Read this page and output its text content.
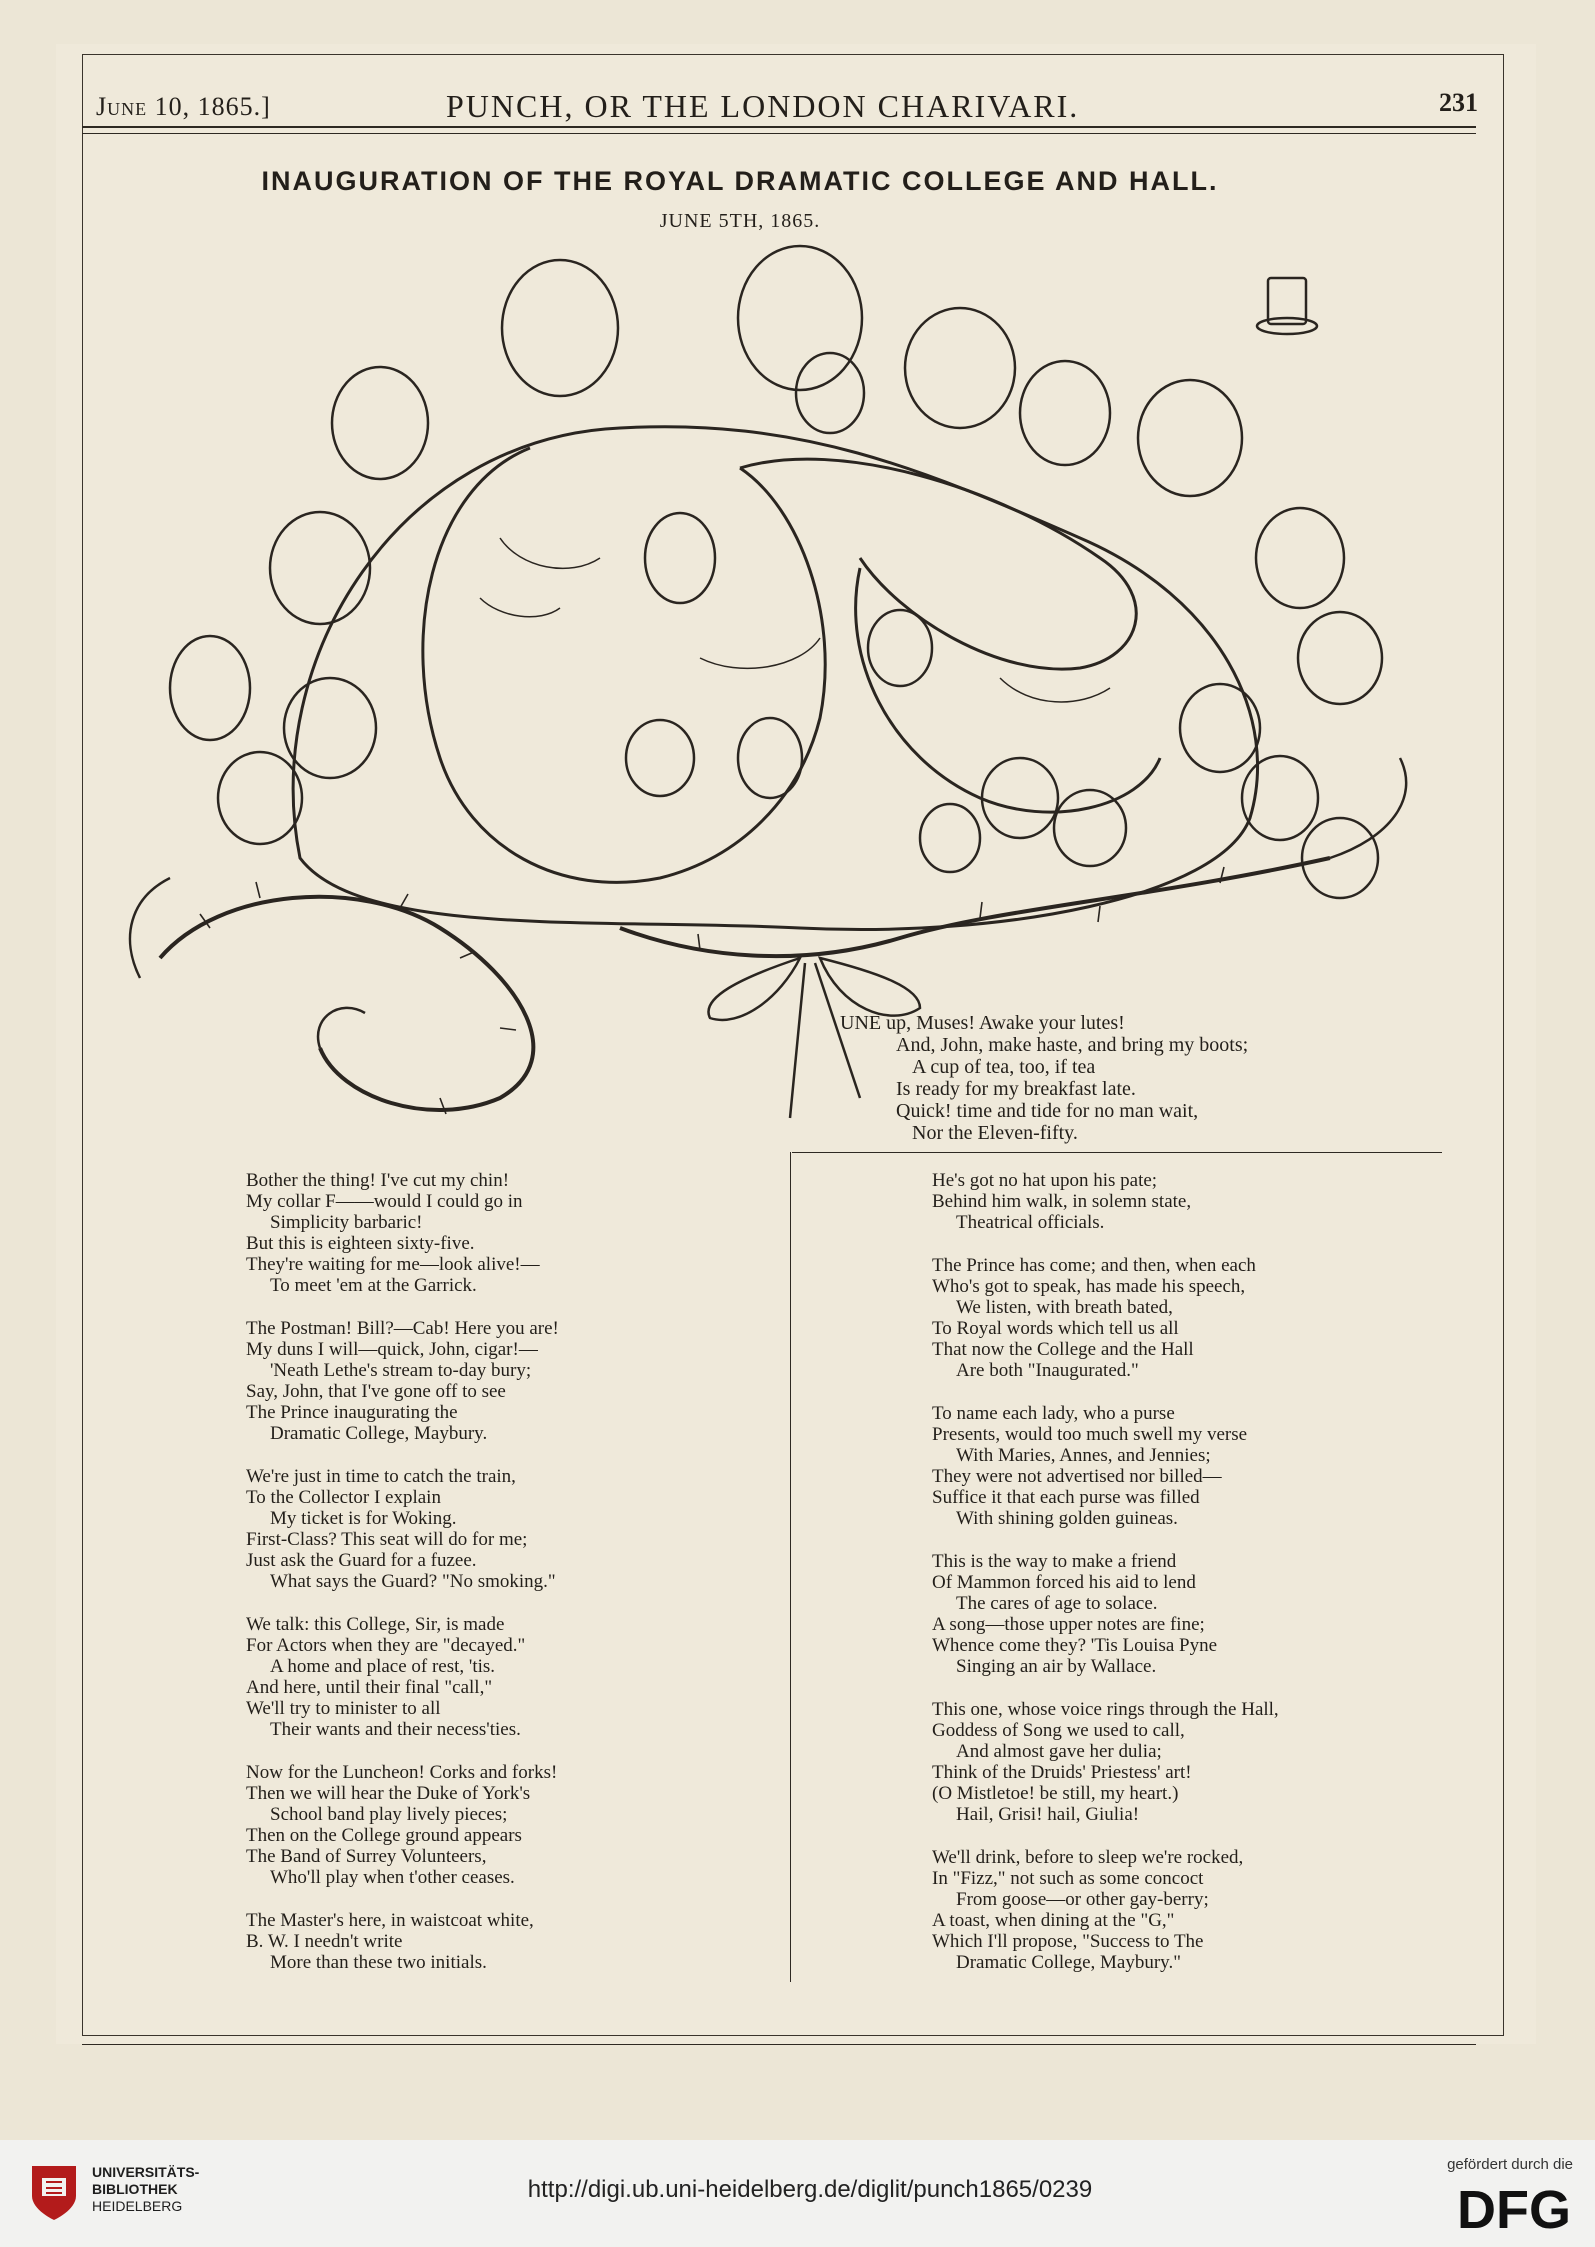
June 10, 1865.]	PUNCH, OR THE LONDON CHARIVARI.	231
INAUGURATION OF THE ROYAL DRAMATIC COLLEGE AND HALL.
JUNE 5TH, 1865.
UNE up, Muses! Awake your lutes!
And, John, make haste, and bring my boots;
A cup of tea, too, if tea
Is ready for my breakfast late.
Quick! time and tide for no man wait,
Nor the Eleven-fifty.
Bother the thing! I've cut my chin!
My collar F——would I could go in
Simplicity barbaric!
But this is eighteen sixty-five.
They're waiting for me—look alive!—
To meet 'em at the Garrick.
The Postman! Bill?—Cab! Here you are!
My duns I will—quick, John, cigar!—
'Neath Lethe's stream to-day bury;
Say, John, that I've gone off to see
The Prince inaugurating the
Dramatic College, Maybury.
We're just in time to catch the train,
To the Collector I explain
My ticket is for Woking.
First-Class? This seat will do for me;
Just ask the Guard for a fuzee.
What says the Guard? "No smoking."
We talk: this College, Sir, is made
For Actors when they are "decayed."
A home and place of rest, 'tis.
And here, until their final "call,"
We'll try to minister to all
Their wants and their necess'ties.
Now for the Luncheon! Corks and forks!
Then we will hear the Duke of York's
School band play lively pieces;
Then on the College ground appears
The Band of Surrey Volunteers,
Who'll play when t'other ceases.
The Master's here, in waistcoat white,
B. W. I needn't write
More than these two initials.
He's got no hat upon his pate;
Behind him walk, in solemn state,
Theatrical officials.
The Prince has come; and then, when each
Who's got to speak, has made his speech,
We listen, with breath bated,
To Royal words which tell us all
That now the College and the Hall
Are both "Inaugurated."
To name each lady, who a purse
Presents, would too much swell my verse
With Maries, Annes, and Jennies;
They were not advertised nor billed—
Suffice it that each purse was filled
With shining golden guineas.
This is the way to make a friend
Of Mammon forced his aid to lend
The cares of age to solace.
A song—those upper notes are fine;
Whence come they? 'Tis Louisa Pyne
Singing an air by Wallace.
This one, whose voice rings through the Hall,
Goddess of Song we used to call,
And almost gave her dulia;
Think of the Druids' Priestess' art!
(O Mistletoe! be still, my heart.)
Hail, Grisi! hail, Giulia!
We'll drink, before to sleep we're rocked,
In "Fizz," not such as some concoct
From goose—or other gay-berry;
A toast, when dining at the "G,"
Which I'll propose, "Success to The
Dramatic College, Maybury."
UNIVERSITÄTS-
BIBLIOTHEK
HEIDELBERG
http://digi.ub.uni-heidelberg.de/diglit/punch1865/0239
gefördert durch die
DFG
